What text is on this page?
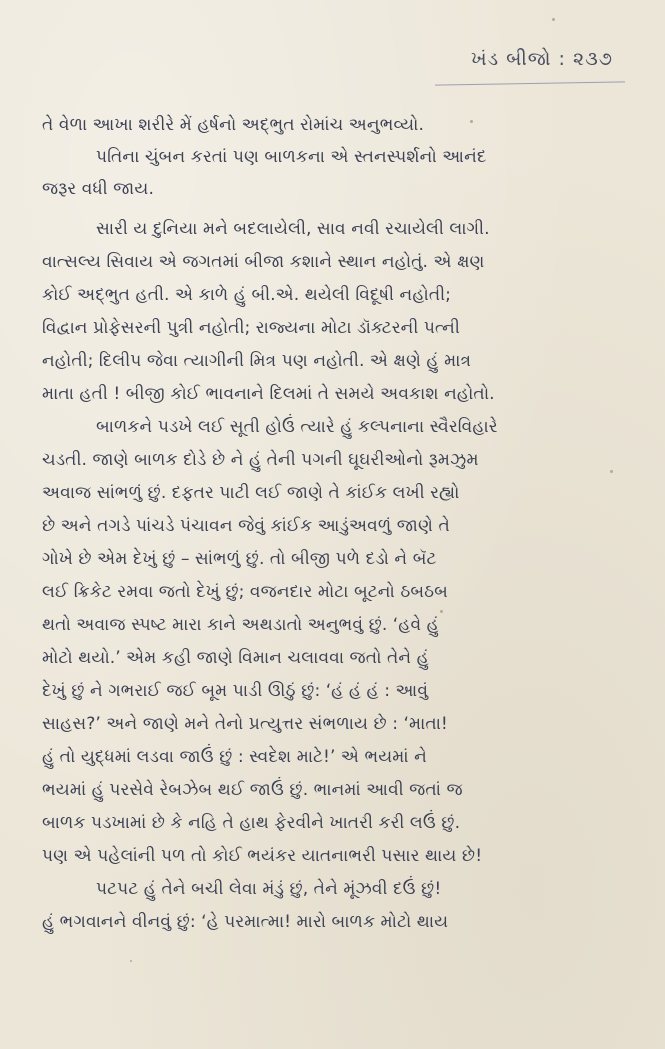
ખંડ બીજો : ૨૩૭
તે વેળા આખા શરીરે મેં હર્ષનો અદ્ભુત રોમાંચ અનુભવ્યો.
પતિના ચુંબન કરતાં પણ બાળકના એ સ્તનસ્પર્શનો આનંદ
જરૂર વધી જાય.
સારી ય દુનિયા મને બદલાયેલી, સાવ નવી રચાયેલી લાગી.
વાત્સલ્ય સિવાય એ જગતમાં બીજા કશાને સ્થાન નહોતું. એ ક્ષણ
કોઈ અદ્ભુત હતી. એ કાળે હું બી.એ. થયેલી વિદૂષી નહોતી;
વિદ્વાન પ્રોફેસરની પુત્રી નહોતી; રાજ્યના મોટા ડૉક્ટરની પત્ની
નહોતી; દિલીપ જેવા ત્યાગીની મિત્ર પણ નહોતી. એ ક્ષણે હું માત્ર
માતા હતી ! બીજી કોઈ ભાવનાને દિલમાં તે સમયે અવકાશ નહોતો.
બાળકને પડખે લઈ સૂતી હોઉં ત્યારે હું કલ્પનાના સ્વૈરવિહારે
ચડતી. જાણે બાળક દોડે છે ને હું તેની પગની ઘૂઘરીઓનો રૂમઝુમ
અવાજ સાંભળું છું. દફતર પાટી લઈ જાણે તે કાંઈક લખી રહ્યો
છે અને તગડે પાંચડે પંચાવન જેવું કાંઈક આડુંઅવળું જાણે તે
ગોખે છે એમ દેખું છું – સાંભળું છું. તો બીજી પળે દડો ને બૅટ
લઈ ક્રિકેટ રમવા જતો દેખું છું; વજનદાર મોટા બૂટનો ઠબઠબ
થતો અવાજ સ્પષ્ટ મારા કાને અથડાતો અનુભવું છું. ‘હવે હું
મોટો થયો.’ એમ કહી જાણે વિમાન ચલાવવા જતો તેને હું
દેખું છું ને ગભરાઈ જઈ બૂમ પાડી ઊઠું છું: ‘હં હં હં : આવું
સાહસ?’ અને જાણે મને તેનો પ્રત્યુત્તર સંભળાય છે : ‘માતા!
હું તો યુદ્ધમાં લડવા જાઉં છું : સ્વદેશ માટે!’ એ ભયમાં ને
ભયમાં હું પરસેવે રેબઝેબ થઈ જાઉં છું. ભાનમાં આવી જતાં જ
બાળક પડખામાં છે કે નહિ તે હાથ ફેરવીને ખાતરી કરી લઉં છું.
પણ એ પહેલાંની પળ તો કોઈ ભયંકર યાતનાભરી પસાર થાય છે!
પટપટ હું તેને બચી લેવા મંડું છું, તેને મૂંઝવી દઉં છું!
હું ભગવાનને વીનવું છું: ‘હે પરમાત્મા! મારો બાળક મોટો થાય
